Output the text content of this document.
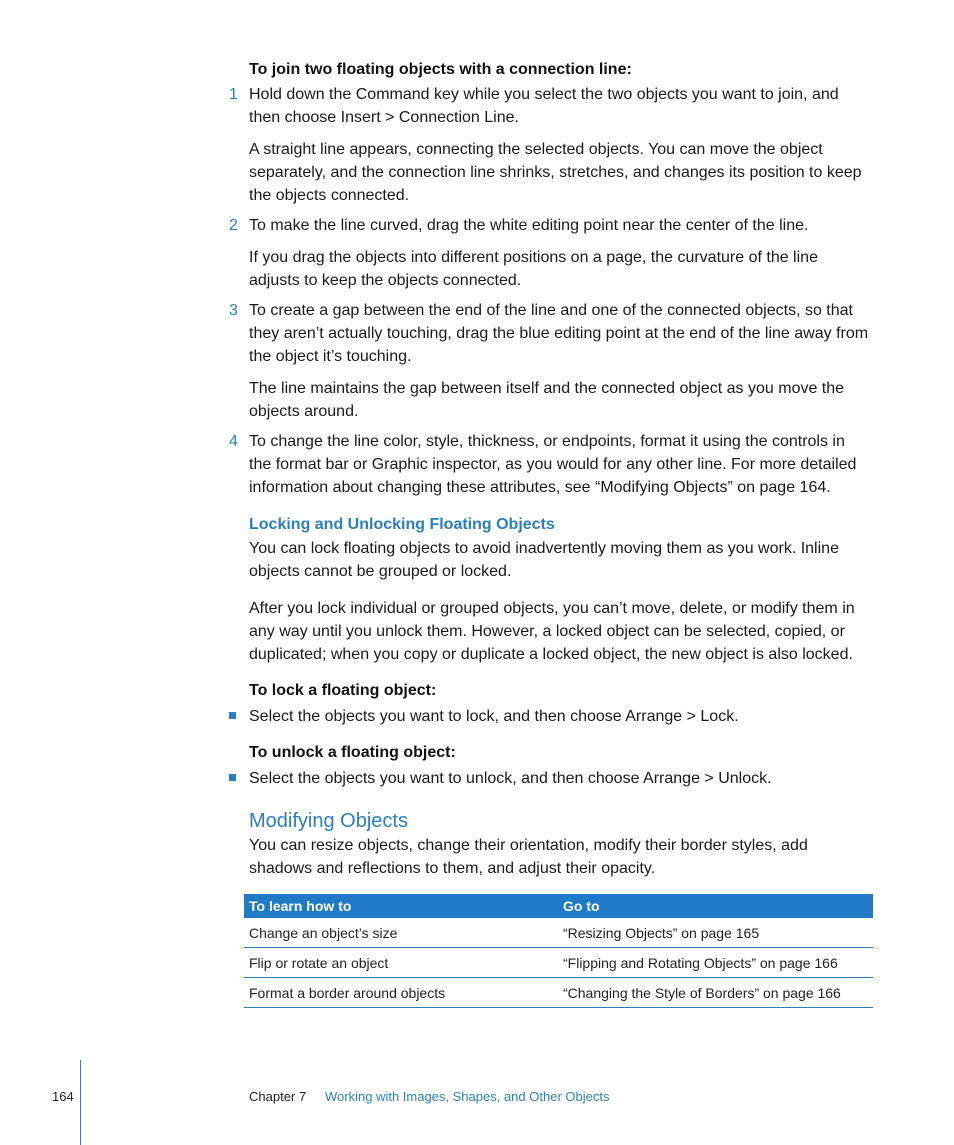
To join two floating objects with a connection line:
1 Hold down the Command key while you select the two objects you want to join, and then choose Insert > Connection Line.
A straight line appears, connecting the selected objects. You can move the object separately, and the connection line shrinks, stretches, and changes its position to keep the objects connected.
2 To make the line curved, drag the white editing point near the center of the line.
If you drag the objects into different positions on a page, the curvature of the line adjusts to keep the objects connected.
3 To create a gap between the end of the line and one of the connected objects, so that they aren’t actually touching, drag the blue editing point at the end of the line away from the object it’s touching.
The line maintains the gap between itself and the connected object as you move the objects around.
4 To change the line color, style, thickness, or endpoints, format it using the controls in the format bar or Graphic inspector, as you would for any other line. For more detailed information about changing these attributes, see “Modifying Objects” on page 164.
Locking and Unlocking Floating Objects
You can lock floating objects to avoid inadvertently moving them as you work. Inline objects cannot be grouped or locked.
After you lock individual or grouped objects, you can’t move, delete, or modify them in any way until you unlock them. However, a locked object can be selected, copied, or duplicated; when you copy or duplicate a locked object, the new object is also locked.
To lock a floating object:
Select the objects you want to lock, and then choose Arrange > Lock.
To unlock a floating object:
Select the objects you want to unlock, and then choose Arrange > Unlock.
Modifying Objects
You can resize objects, change their orientation, modify their border styles, add shadows and reflections to them, and adjust their opacity.
To learn how to	Go to
Change an object’s size	“Resizing Objects” on page 165
Flip or rotate an object	“Flipping and Rotating Objects” on page 166
Format a border around objects	“Changing the Style of Borders” on page 166
164	Chapter 7 Working with Images, Shapes, and Other Objects
